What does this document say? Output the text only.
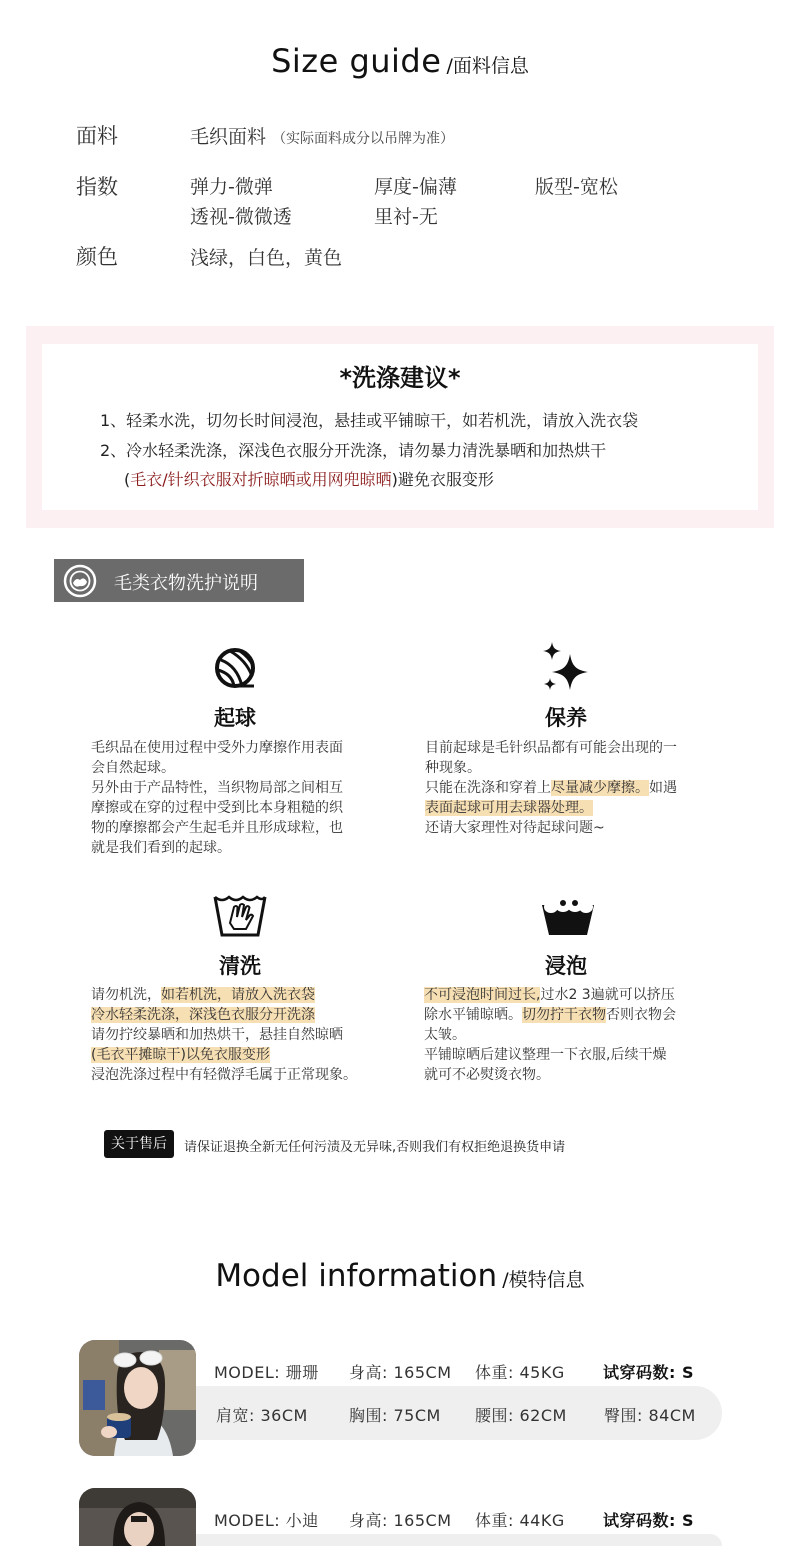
Size guide /面料信息
面料	毛织面料 （实际面料成分以吊牌为准）
指数	弹力-微弹	厚度-偏薄	版型-宽松
透视-微微透	里衬-无
颜色	浅绿，白色，黄色
*洗涤建议*
1、轻柔水洗，切勿长时间浸泡，悬挂或平铺晾干，如若机洗，请放入洗衣袋
2、冷水轻柔洗涤，深浅色衣服分开洗涤，请勿暴力清洗暴晒和加热烘干
(毛衣/针织衣服对折晾晒或用网兜晾晒)避免衣服变形
毛类衣物洗护说明
起球
毛织品在使用过程中受外力摩擦作用表面
会自然起球。
另外由于产品特性，当织物局部之间相互
摩擦或在穿的过程中受到比本身粗糙的织
物的摩擦都会产生起毛并且形成球粒，也
就是我们看到的起球。
保养
目前起球是毛针织品都有可能会出现的一
种现象。
只能在洗涤和穿着上尽量减少摩擦。如遇
表面起球可用去球器处理。
还请大家理性对待起球问题~
清洗
请勿机洗，如若机洗，请放入洗衣袋
冷水轻柔洗涤，深浅色衣服分开洗涤
请勿拧绞暴晒和加热烘干，悬挂自然晾晒
(毛衣平摊晾干)以免衣服变形
浸泡洗涤过程中有轻微浮毛属于正常现象。
浸泡
不可浸泡时间过长,过水2 3遍就可以挤压
除水平铺晾晒。切勿拧干衣物否则衣物会
太皱。
平铺晾晒后建议整理一下衣服,后续干燥
就可不必熨烫衣物。
关于售后	请保证退换全新无任何污渍及无异味,否则我们有权拒绝退换货申请
Model information /模特信息
MODEL: 珊珊 身高: 165CM 体重: 45KG 试穿码数: S
肩宽: 36CM	胸围: 75CM 腰围: 62CM 臀围: 84CM
MODEL: 小迪 身高: 165CM 体重: 44KG 试穿码数: S
